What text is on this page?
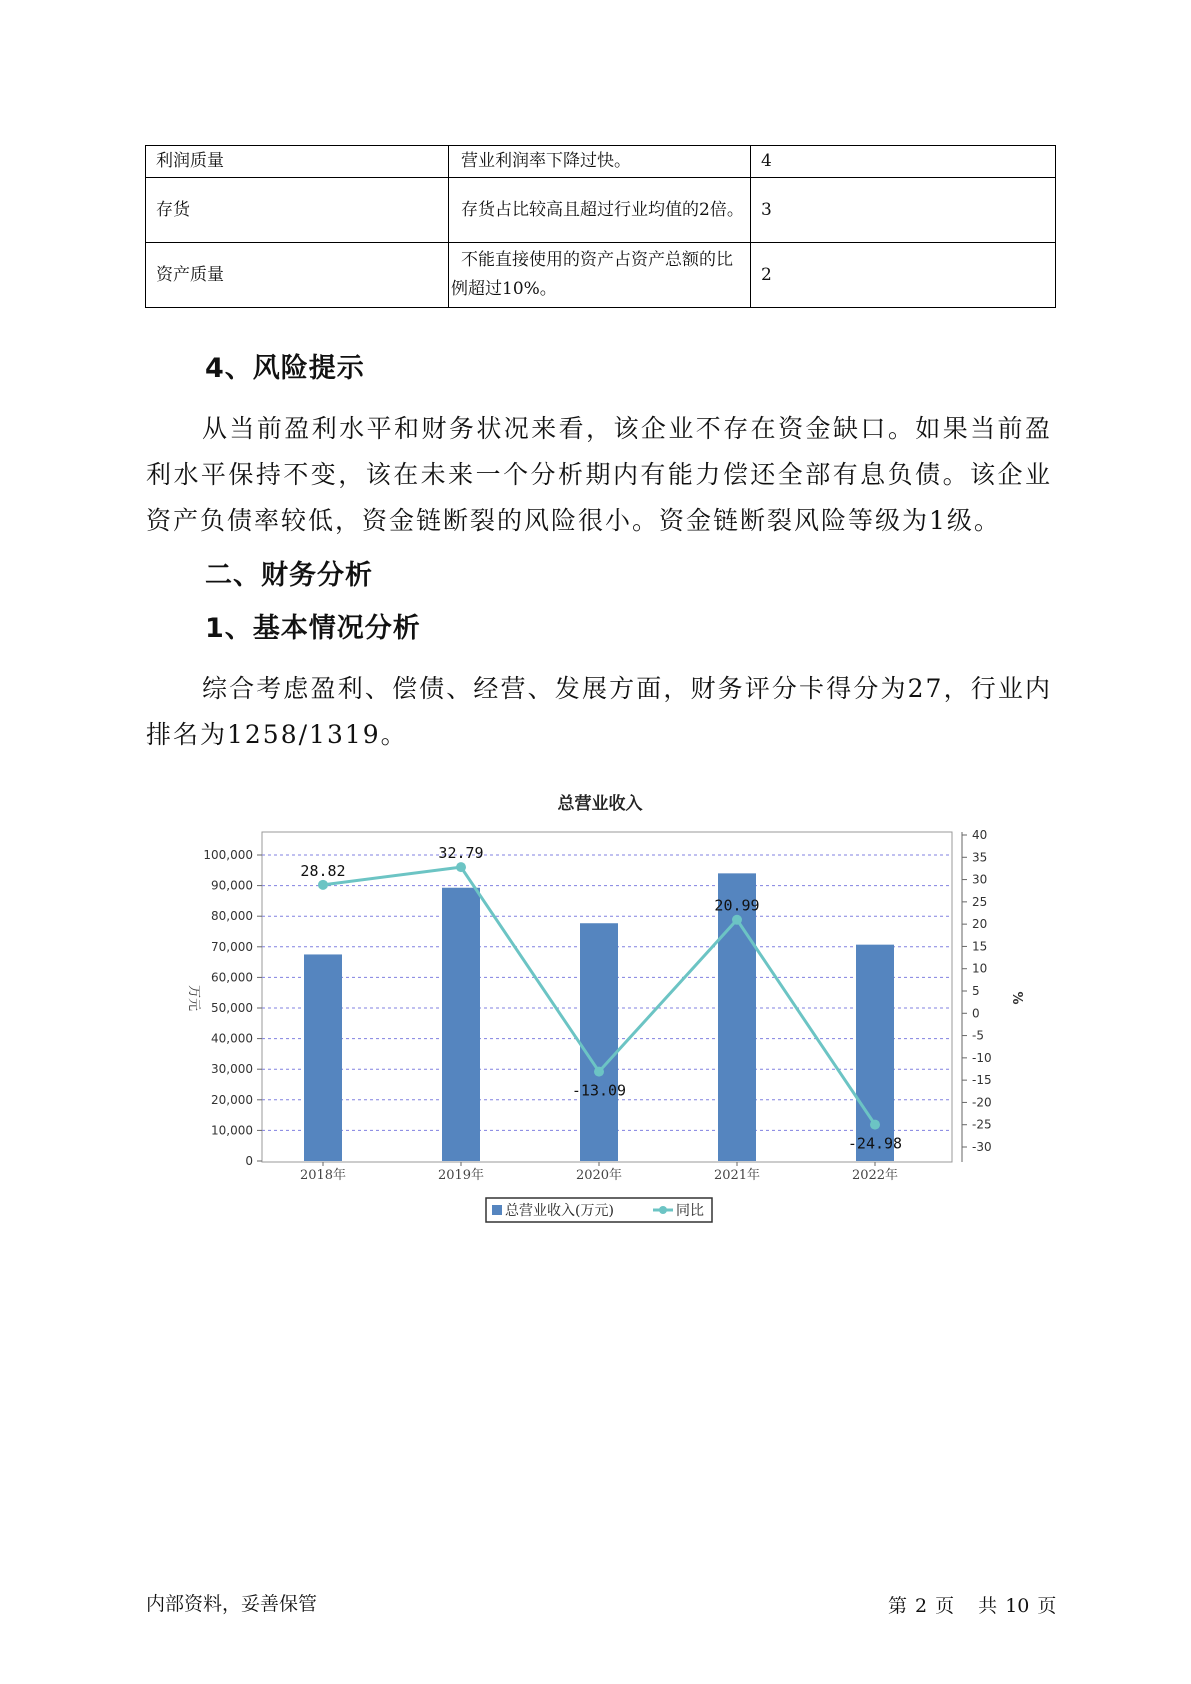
利润质量	营业利润率下降过快。	4
存货	存货占比较高且超过行业均值的2倍。	3
资产质量	不能直接使用的资产占资产总额的比例超过10%。	2
4、风险提示
从当前盈利水平和财务状况来看，该企业不存在资金缺口。如果当前盈利水平保持不变，该在未来一个分析期内有能力偿还全部有息负债。该企业资产负债率较低，资金链断裂的风险很小。资金链断裂风险等级为1级。
二、财务分析
1、基本情况分析
综合考虑盈利、偿债、经营、发展方面，财务评分卡得分为27，行业内排名为1258/1319。
总营业收入
0
10,000
20,000
30,000
40,000
50,000
60,000
70,000
80,000
90,000
100,000
-30
-25
-20
-15
-10
-5
0
5
10
15
20
25
30
35
40
万元	%
2018年	2019年	2020年	2021年	2022年
28.82
32.79
-13.09
20.99
-24.98
总营业收入(万元)	同比
内部资料，妥善保管	第 2 页 共 10 页
